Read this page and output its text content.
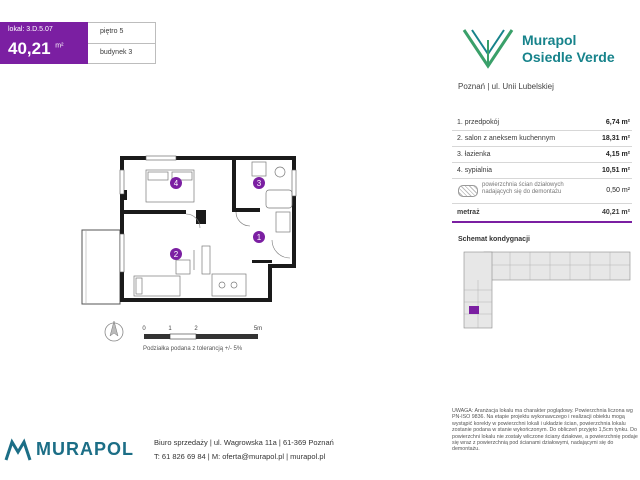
lokal: 3.D.5.07
40,21 $^{m^2}$
piętro 5
budynek 3
Murapol
Osiedle Verde
Poznań | ul. Unii Lubelskiej
1. przedpokój	6,74 m²
2. salon z aneksem kuchennym	18,31 m²
3. łazienka	4,15 m²
4. sypialnia	10,51 m²
powierzchnia ścian działowych nadających się do demontażu	0,50 m²
metraż	40,21 m²
Schemat kondygnacji
4	3
2
1
0	1	2	5m
Podziałka podana z tolerancją +/- 5%
UWAGA: Aranżacja lokalu ma charakter poglądowy. Powierzchnia liczona wg PN-ISO 9836. Na etapie projektu wykonawczego i realizacji obiektu mogą wystąpić korekty w powierzchni lokali i układzie ścian, powierzchnia lokalu zostanie podana w stanie wykończonym. Do obliczeń przyjęto 1,5cm tynku. Do powierzchni lokalu nie zostały wliczone ściany działowe, a powierzchnię podaje się wraz z powierzchnią pod ścianami działowymi, nadającymi się do demontażu.
MURAPOL	Biuro sprzedaży | ul. Wagrowska 11a | 61-369 Poznań
T: 61 826 69 84 | M: oferta@murapol.pl | murapol.pl
